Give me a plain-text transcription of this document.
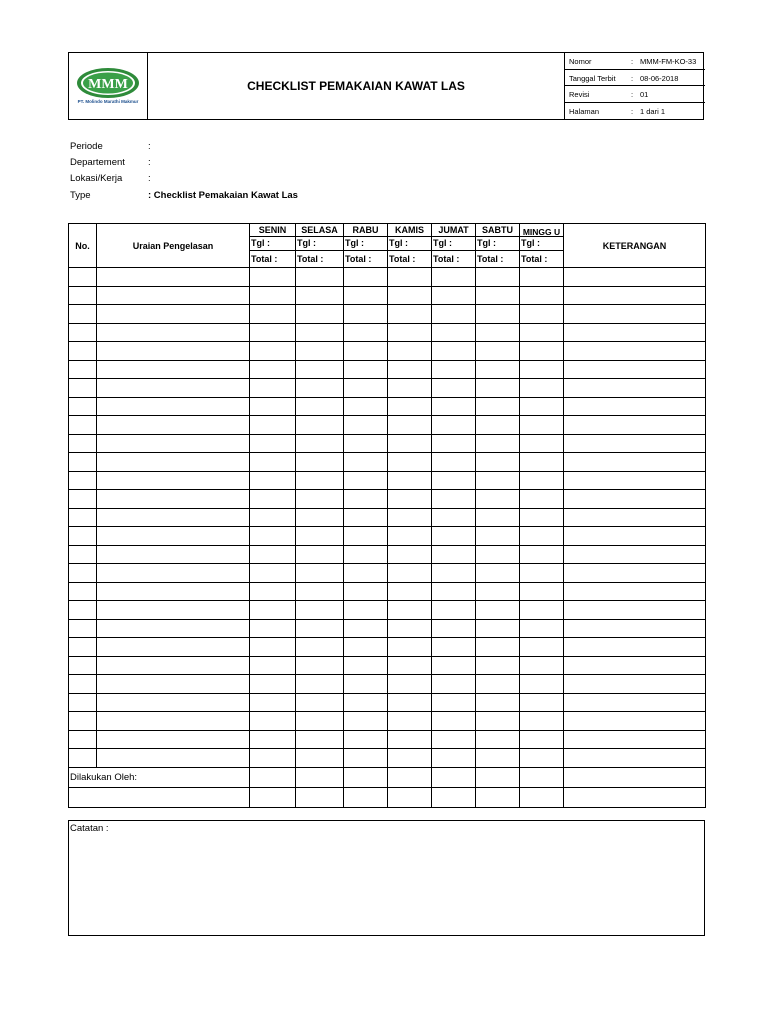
MMM
PT. Molindo Marathi Makmur
CHECKLIST PEMAKAIAN KAWAT LAS
Nomor	: MMM-FM-KO-33
Tanggal Terbit : 08-06-2018
Revisi	: 01
Halaman	: 1 dari 1
Periode	:
Departement :
Lokasi/Kerja	:
Type	: Checklist Pemakaian Kawat Las
No.	Uraian Pengelasan	SENIN	SELASA	RABU	KAMIS	JUMAT	SABTU	MINGG U	KETERANGAN
		Tgl :	Tgl :	Tgl :	Tgl :	Tgl :	Tgl :	Tgl :	
		Total :	Total :	Total :	Total :	Total :	Total :	Total :	

Dilakukan Oleh:									

Catatan :
